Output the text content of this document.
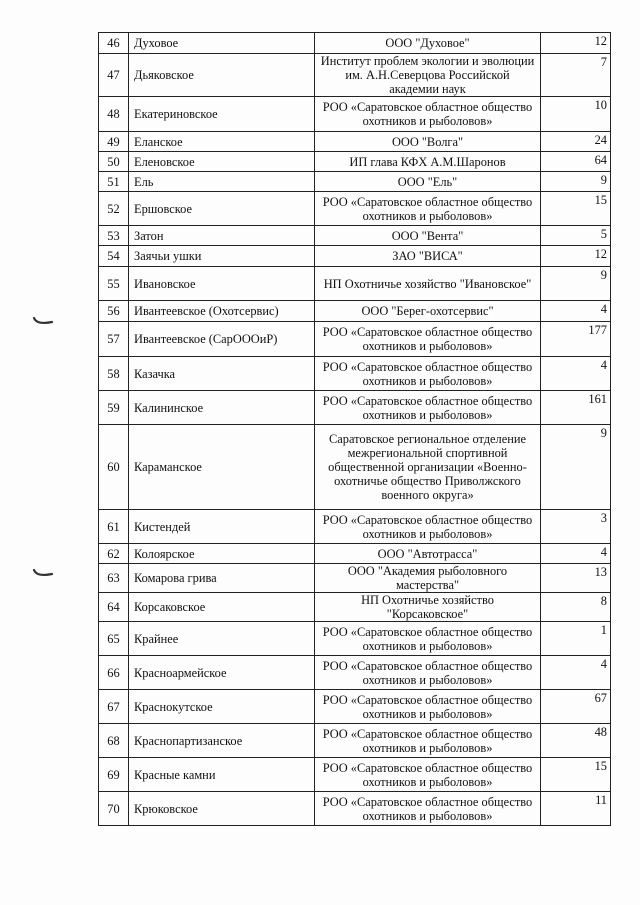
46	Духовое	ООО "Духовое"	12
47	Дьяковское	Институт проблем экологии и эволюции им. А.Н.Северцова Российской академии наук	7
48	Екатериновское	РОО «Саратовское областное общество охотников и рыболовов»	10
49	Еланское	ООО "Волга"	24
50	Еленовское	ИП глава КФХ А.М.Шаронов	64
51	Ель	ООО "Ель"	9
52	Ершовское	РОО «Саратовское областное общество охотников и рыболовов»	15
53	Затон	ООО "Вента"	5
54	Заячьи ушки	ЗАО "ВИСА"	12
55	Ивановское	НП Охотничье хозяйство "Ивановское"	9
56	Ивантеевское (Охотсервис)	ООО "Берег-охотсервис"	4
57	Ивантеевское (СарОООиР)	РОО «Саратовское областное общество охотников и рыболовов»	177
58	Казачка	РОО «Саратовское областное общество охотников и рыболовов»	4
59	Калининское	РОО «Саратовское областное общество охотников и рыболовов»	161
60	Караманское	Саратовское региональное отделение межрегиональной спортивной общественной организации «Военно-охотничье общество Приволжского военного округа»	9
61	Кистендей	РОО «Саратовское областное общество охотников и рыболовов»	3
62	Колоярское	ООО "Автотрасса"	4
63	Комарова грива	ООО "Академия рыболовного мастерства"	13
64	Корсаковское	НП Охотничье хозяйство "Корсаковское"	8
65	Крайнее	РОО «Саратовское областное общество охотников и рыболовов»	1
66	Красноармейское	РОО «Саратовское областное общество охотников и рыболовов»	4
67	Краснокутское	РОО «Саратовское областное общество охотников и рыболовов»	67
68	Краснопартизанское	РОО «Саратовское областное общество охотников и рыболовов»	48
69	Красные камни	РОО «Саратовское областное общество охотников и рыболовов»	15
70	Крюковское	РОО «Саратовское областное общество охотников и рыболовов»	11
